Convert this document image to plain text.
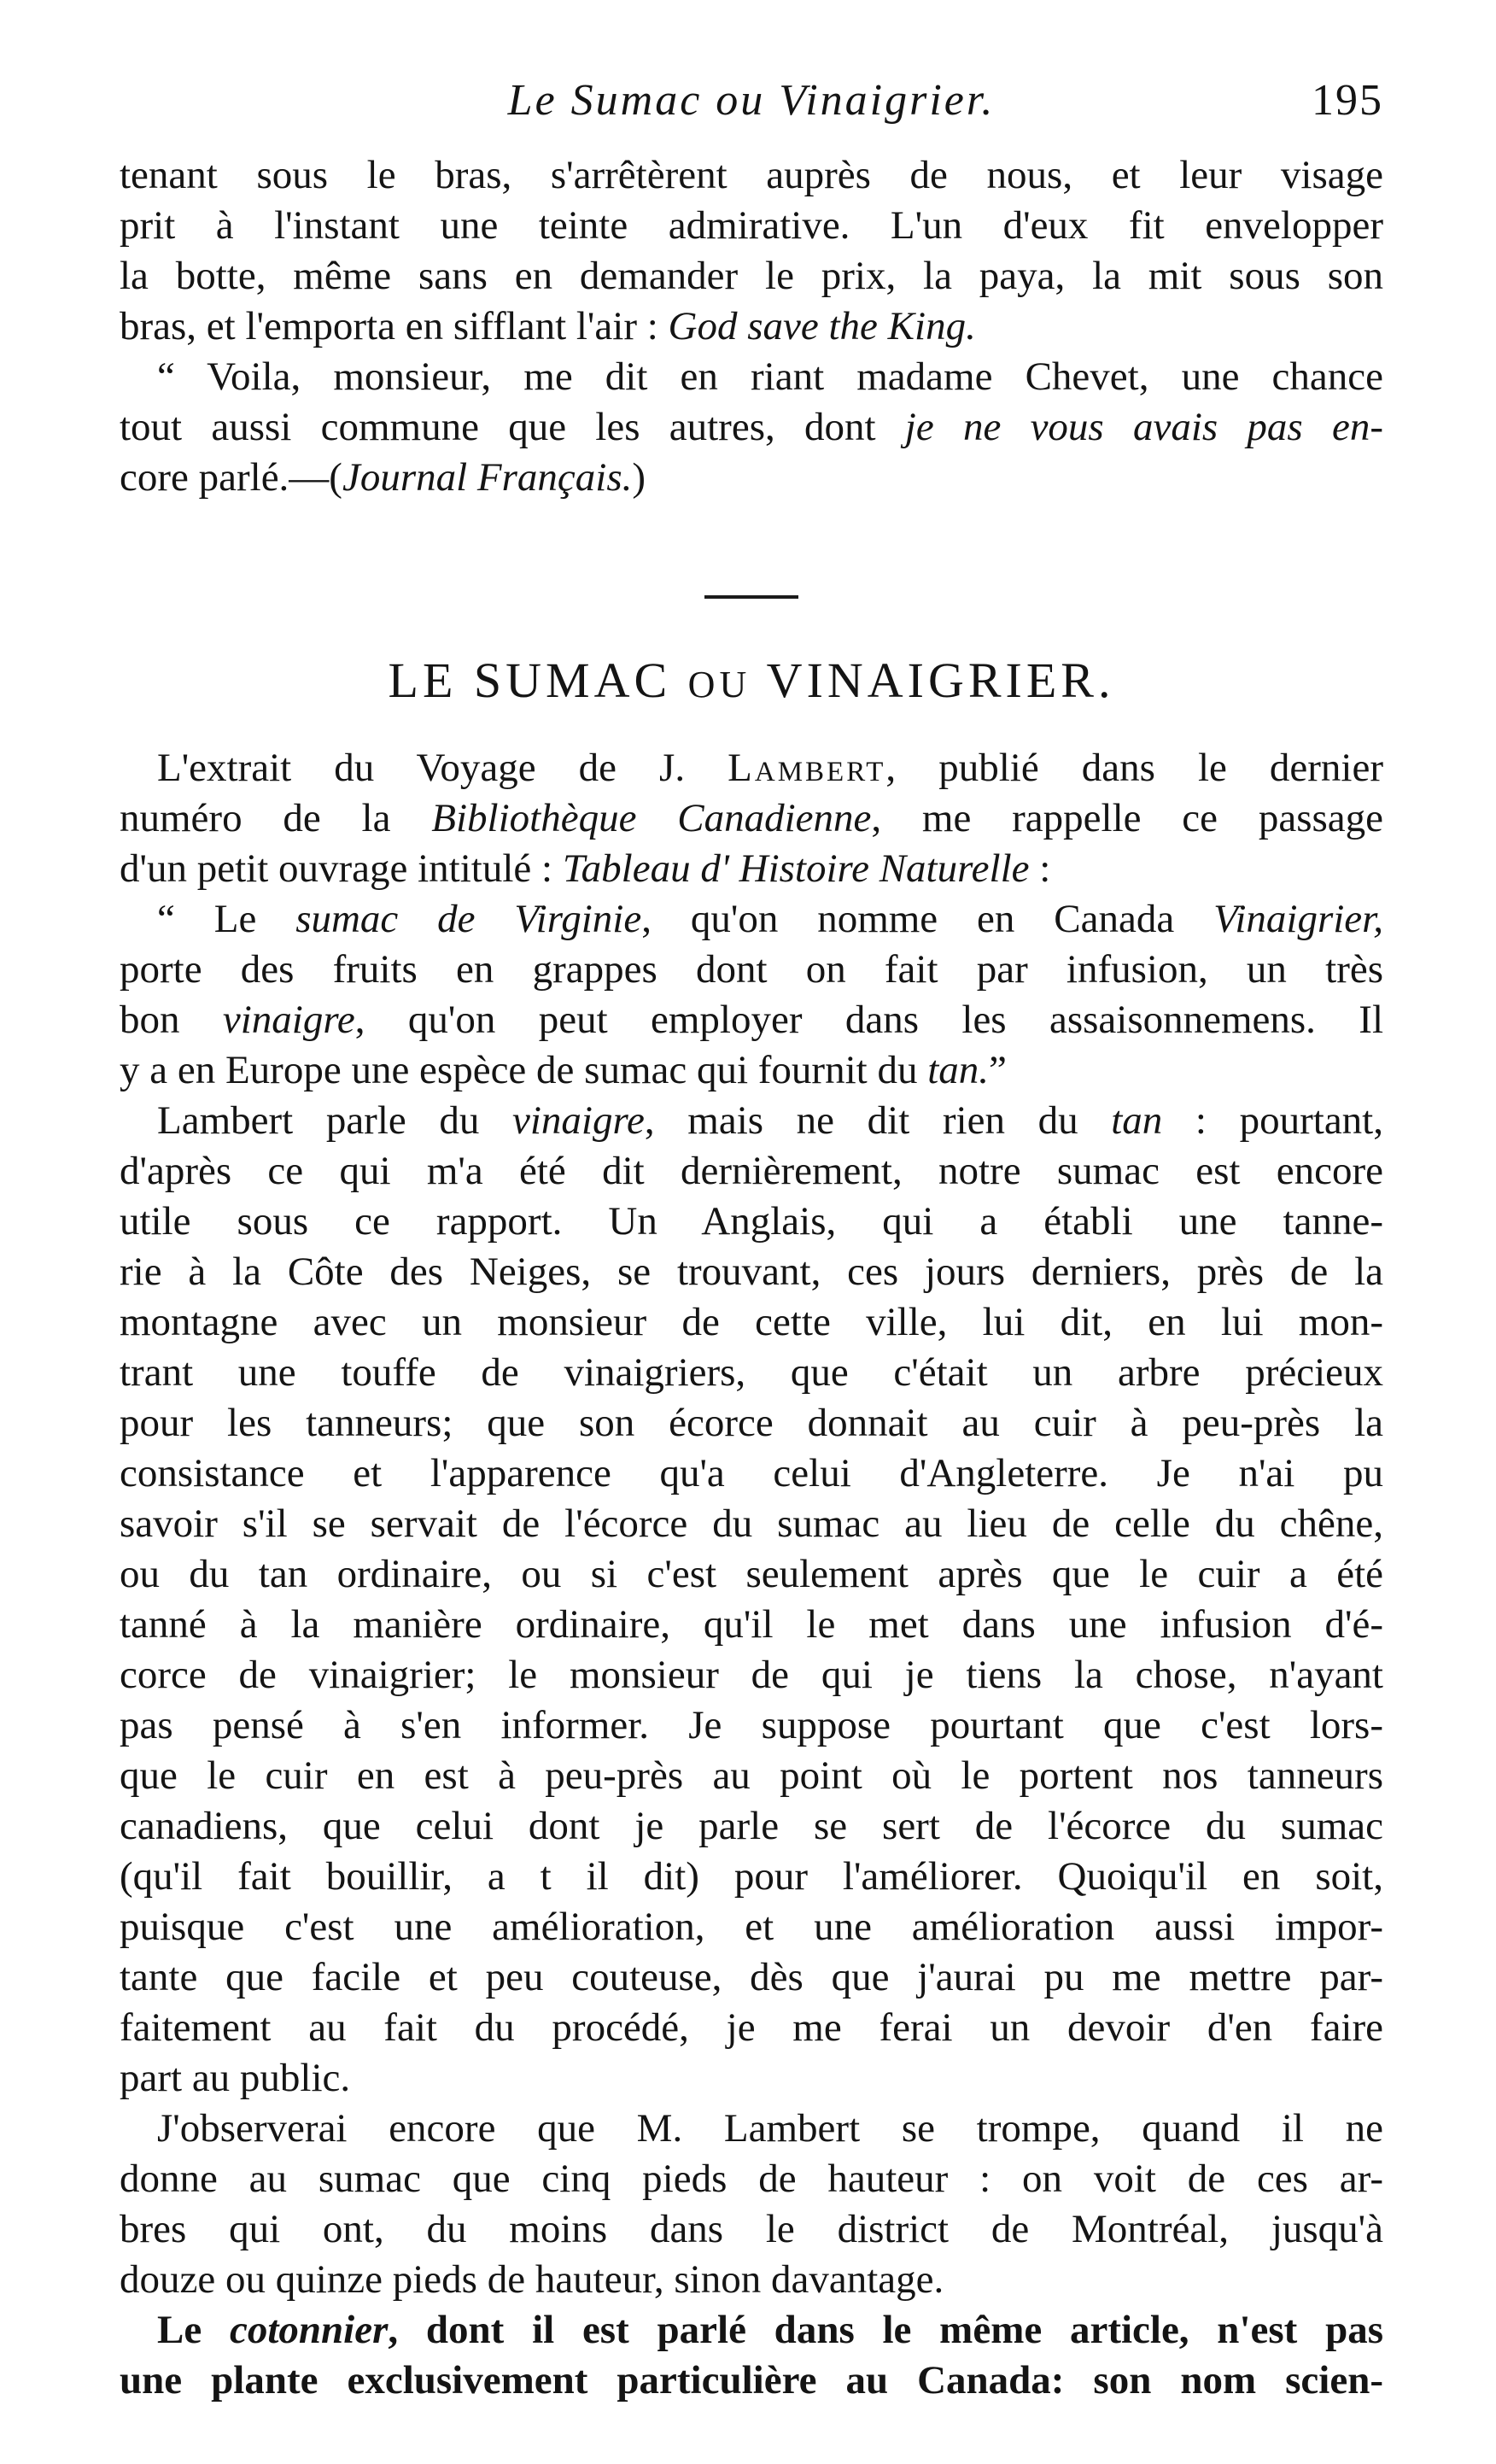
Le Sumac ou Vinaigrier.	195
tenant sous le bras, s'arrêtèrent auprès de nous, et leur visage
prit à l'instant une teinte admirative. L'un d'eux fit envelopper
la botte, même sans en demander le prix, la paya, la mit sous son
bras, et l'emporta en sifflant l'air : God save the King.
“ Voila, monsieur, me dit en riant madame Chevet, une chance
tout aussi commune que les autres, dont je ne vous avais pas en-
core parlé.—(Journal Français.)
LE SUMAC OU VINAIGRIER.
L'extrait du Voyage de J. Lambert, publié dans le dernier
numéro de la Bibliothèque Canadienne, me rappelle ce passage
d'un petit ouvrage intitulé : Tableau d' Histoire Naturelle :
“ Le sumac de Virginie, qu'on nomme en Canada Vinaigrier,
porte des fruits en grappes dont on fait par infusion, un très
bon vinaigre, qu'on peut employer dans les assaisonnemens. Il
y a en Europe une espèce de sumac qui fournit du tan.”
Lambert parle du vinaigre, mais ne dit rien du tan : pourtant,
d'après ce qui m'a été dit dernièrement, notre sumac est encore
utile sous ce rapport. Un Anglais, qui a établi une tanne-
rie à la Côte des Neiges, se trouvant, ces jours derniers, près de la
montagne avec un monsieur de cette ville, lui dit, en lui mon-
trant une touffe de vinaigriers, que c'était un arbre précieux
pour les tanneurs; que son écorce donnait au cuir à peu-près la
consistance et l'apparence qu'a celui d'Angleterre. Je n'ai pu
savoir s'il se servait de l'écorce du sumac au lieu de celle du chêne,
ou du tan ordinaire, ou si c'est seulement après que le cuir a été
tanné à la manière ordinaire, qu'il le met dans une infusion d'é-
corce de vinaigrier; le monsieur de qui je tiens la chose, n'ayant
pas pensé à s'en informer. Je suppose pourtant que c'est lors-
que le cuir en est à peu-près au point où le portent nos tanneurs
canadiens, que celui dont je parle se sert de l'écorce du sumac
(qu'il fait bouillir, a t il dit) pour l'améliorer. Quoiqu'il en soit,
puisque c'est une amélioration, et une amélioration aussi impor-
tante que facile et peu couteuse, dès que j'aurai pu me mettre par-
faitement au fait du procédé, je me ferai un devoir d'en faire
part au public.
J'observerai encore que M. Lambert se trompe, quand il ne
donne au sumac que cinq pieds de hauteur : on voit de ces ar-
bres qui ont, du moins dans le district de Montréal, jusqu'à
douze ou quinze pieds de hauteur, sinon davantage.
Le cotonnier, dont il est parlé dans le même article, n'est pas
une plante exclusivement particulière au Canada: son nom scien-
